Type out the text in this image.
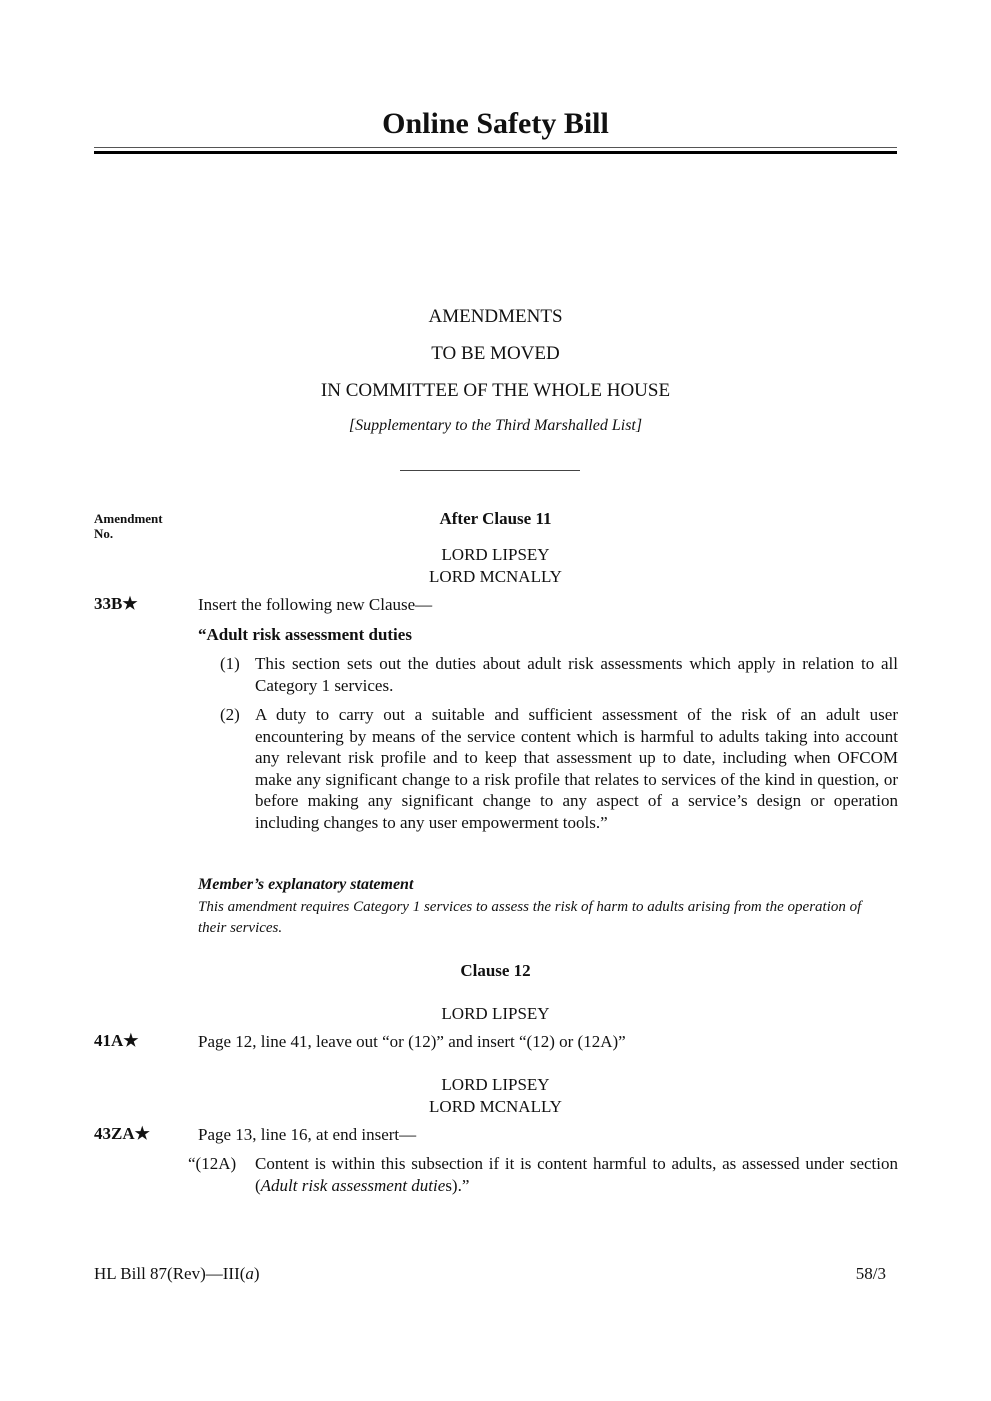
Online Safety Bill
AMENDMENTS
TO BE MOVED
IN COMMITTEE OF THE WHOLE HOUSE
[Supplementary to the Third Marshalled List]
Amendment
No.
After Clause 11
LORD LIPSEY
LORD MCNALLY
33B★	Insert the following new Clause—
“Adult risk assessment duties
(1) This section sets out the duties about adult risk assessments which apply in relation to all Category 1 services.
(2) A duty to carry out a suitable and sufficient assessment of the risk of an adult user encountering by means of the service content which is harmful to adults taking into account any relevant risk profile and to keep that assessment up to date, including when OFCOM make any significant change to a risk profile that relates to services of the kind in question, or before making any significant change to any aspect of a service’s design or operation including changes to any user empowerment tools.”
Member’s explanatory statement
This amendment requires Category 1 services to assess the risk of harm to adults arising from the operation of their services.
Clause 12
LORD LIPSEY
41A★	Page 12, line 41, leave out “or (12)” and insert “(12) or (12A)”
LORD LIPSEY
LORD MCNALLY
43ZA★	Page 13, line 16, at end insert—
“(12A)	Content is within this subsection if it is content harmful to adults, as assessed under section (Adult risk assessment duties).”
HL Bill 87(Rev)—III(a)	58/3
